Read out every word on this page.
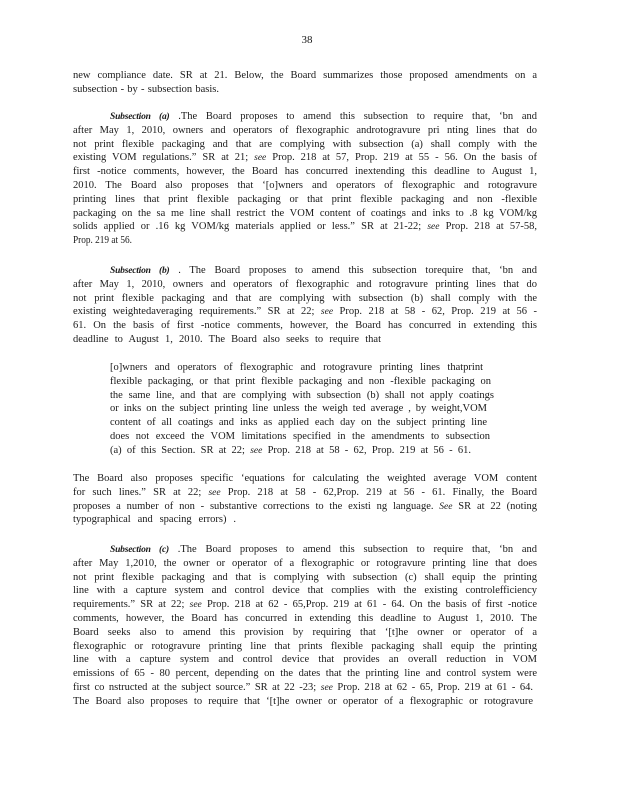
38
new compliance date. SR at 21. Below, the Board summarizes those proposed amendments on a
subsection - by - subsection basis.
Subsection (a) .The Board proposes to amend this subsection to require that, ‘bn and
after May 1, 2010, owners and operators of flexographic androtogravure pri nting lines that do
not print flexible packaging and that are complying with subsection (a) shall comply with the
existing VOM regulations.” SR at 21; see Prop. 218 at 57, Prop. 219 at 55 - 56. On the basis of
first -notice comments, however, the Board has concurred inextending this deadline to August 1,
2010. The Board also proposes that ‘[o]wners and operators of flexographic and rotogravure
printing lines that print flexible packaging or that print flexible packaging and non -flexible
packaging on the sa me line shall restrict the VOM content of coatings and inks to .8 kg VOM/kg
solids applied or .16 kg VOM/kg materials applied or less.” SR at 21-22; see Prop. 218 at 57-58,
Prop. 219 at 56.
Subsection (b) . The Board proposes to amend this subsection torequire that, ‘bn and
after May 1, 2010, owners and operators of flexographic and rotogravure printing lines that do
not print flexible packaging and that are complying with subsection (b) shall comply with the
existing weightedaveraging requirements.” SR at 22; see Prop. 218 at 58 - 62, Prop. 219 at 56 -
61. On the basis of first -notice comments, however, the Board has concurred in extending this
deadline to August 1, 2010. The Board also seeks to require that
[o]wners and operators of flexographic and rotogravure printing lines thatprint
flexible packaging, or that print flexible packaging and non -flexible packaging on
the same line, and that are complying with subsection (b) shall not apply coatings
or inks on the subject printing line unless the weigh ted average , by weight,VOM
content of all coatings and inks as applied each day on the subject printing line
does not exceed the VOM limitations specified in the amendments to subsection
(a) of this Section. SR at 22; see Prop. 218 at 58 - 62, Prop. 219 at 56 - 61.
The Board also proposes specific ‘equations for calculating the weighted average VOM content
for such lines.” SR at 22; see Prop. 218 at 58 - 62,Prop. 219 at 56 - 61. Finally, the Board
proposes a number of non - substantive corrections to the existi ng language. See SR at 22 (noting
typographical and spacing errors) .
Subsection (c) .The Board proposes to amend this subsection to require that, ‘bn and
after May 1,2010, the owner or operator of a flexographic or rotogravure printing line that does
not print flexible packaging and that is complying with subsection (c) shall equip the printing
line with a capture system and control device that complies with the existing controlefficiency
requirements.” SR at 22; see Prop. 218 at 62 - 65,Prop. 219 at 61 - 64. On the basis of first -notice
comments, however, the Board has concurred in extending this deadline to August 1, 2010. The
Board seeks also to amend this provision by requiring that ‘[t]he owner or operator of a
flexographic or rotogravure printing line that prints flexible packaging shall equip the printing
line with a capture system and control device that provides an overall reduction in VOM
emissions of 65 - 80 percent, depending on the dates that the printing line and control system were
first co nstructed at the subject source.” SR at 22 -23; see Prop. 218 at 62 - 65, Prop. 219 at 61 - 64.
The Board also proposes to require that ‘[t]he owner or operator of a flexographic or rotogravure
